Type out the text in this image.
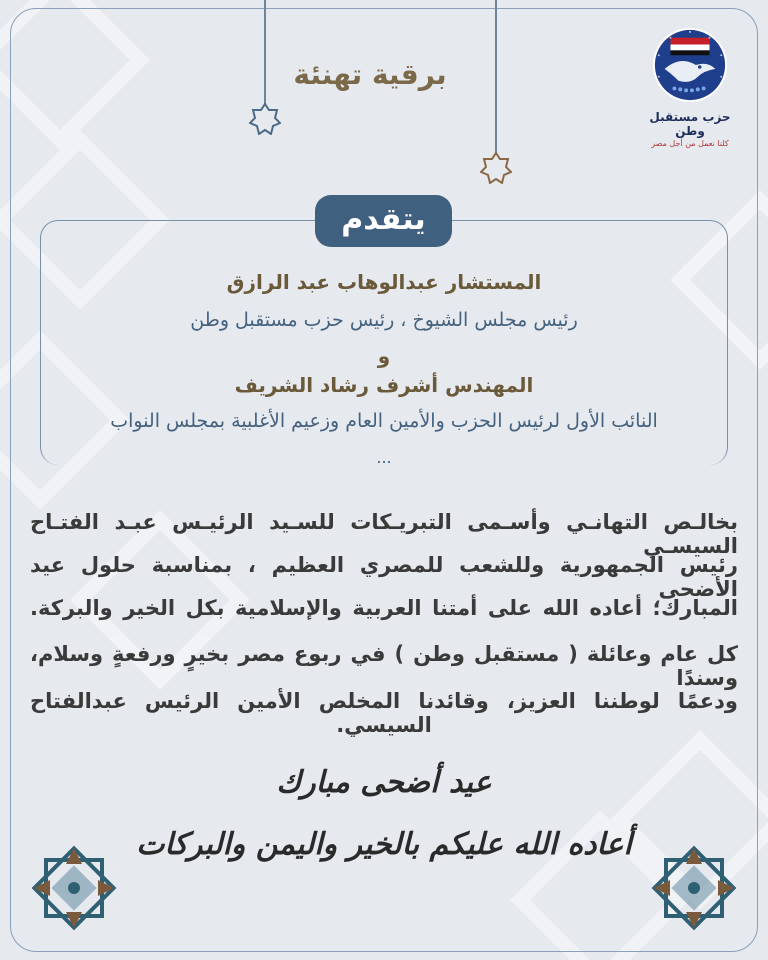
برقية تهنئة
حزب مستقبل وطن
كلنا نعمل من أجل مصر
يتقدم
المستشار عبدالوهاب عبد الرازق
رئيس مجلس الشيوخ ، رئيس حزب مستقبل وطن
و
المهندس أشرف رشاد الشريف
النائب الأول لرئيس الحزب والأمين العام وزعيم الأغلبية بمجلس النواب
...
بخالـص التهانـي وأسـمى التبريـكات للسـيد الرئيـس عبـد الفتـاح السيسـي
رئيس الجمهورية وللشعب للمصري العظيم ، بمناسبة حلول عيد الأضحى
المبارك؛ أعاده الله على أمتنا العربية والإسلامية بكل الخير والبركة.
كل عام وعائلة ( مستقبل وطن ) في ربوع مصر بخيرٍ ورفعةٍ وسلام، وسندًا
ودعمًا لوطننا العزيز، وقائدنا المخلص الأمين الرئيس عبدالفتاح السيسي.
عيد أضحى مبارك
أعاده الله عليكم بالخير واليمن والبركات
